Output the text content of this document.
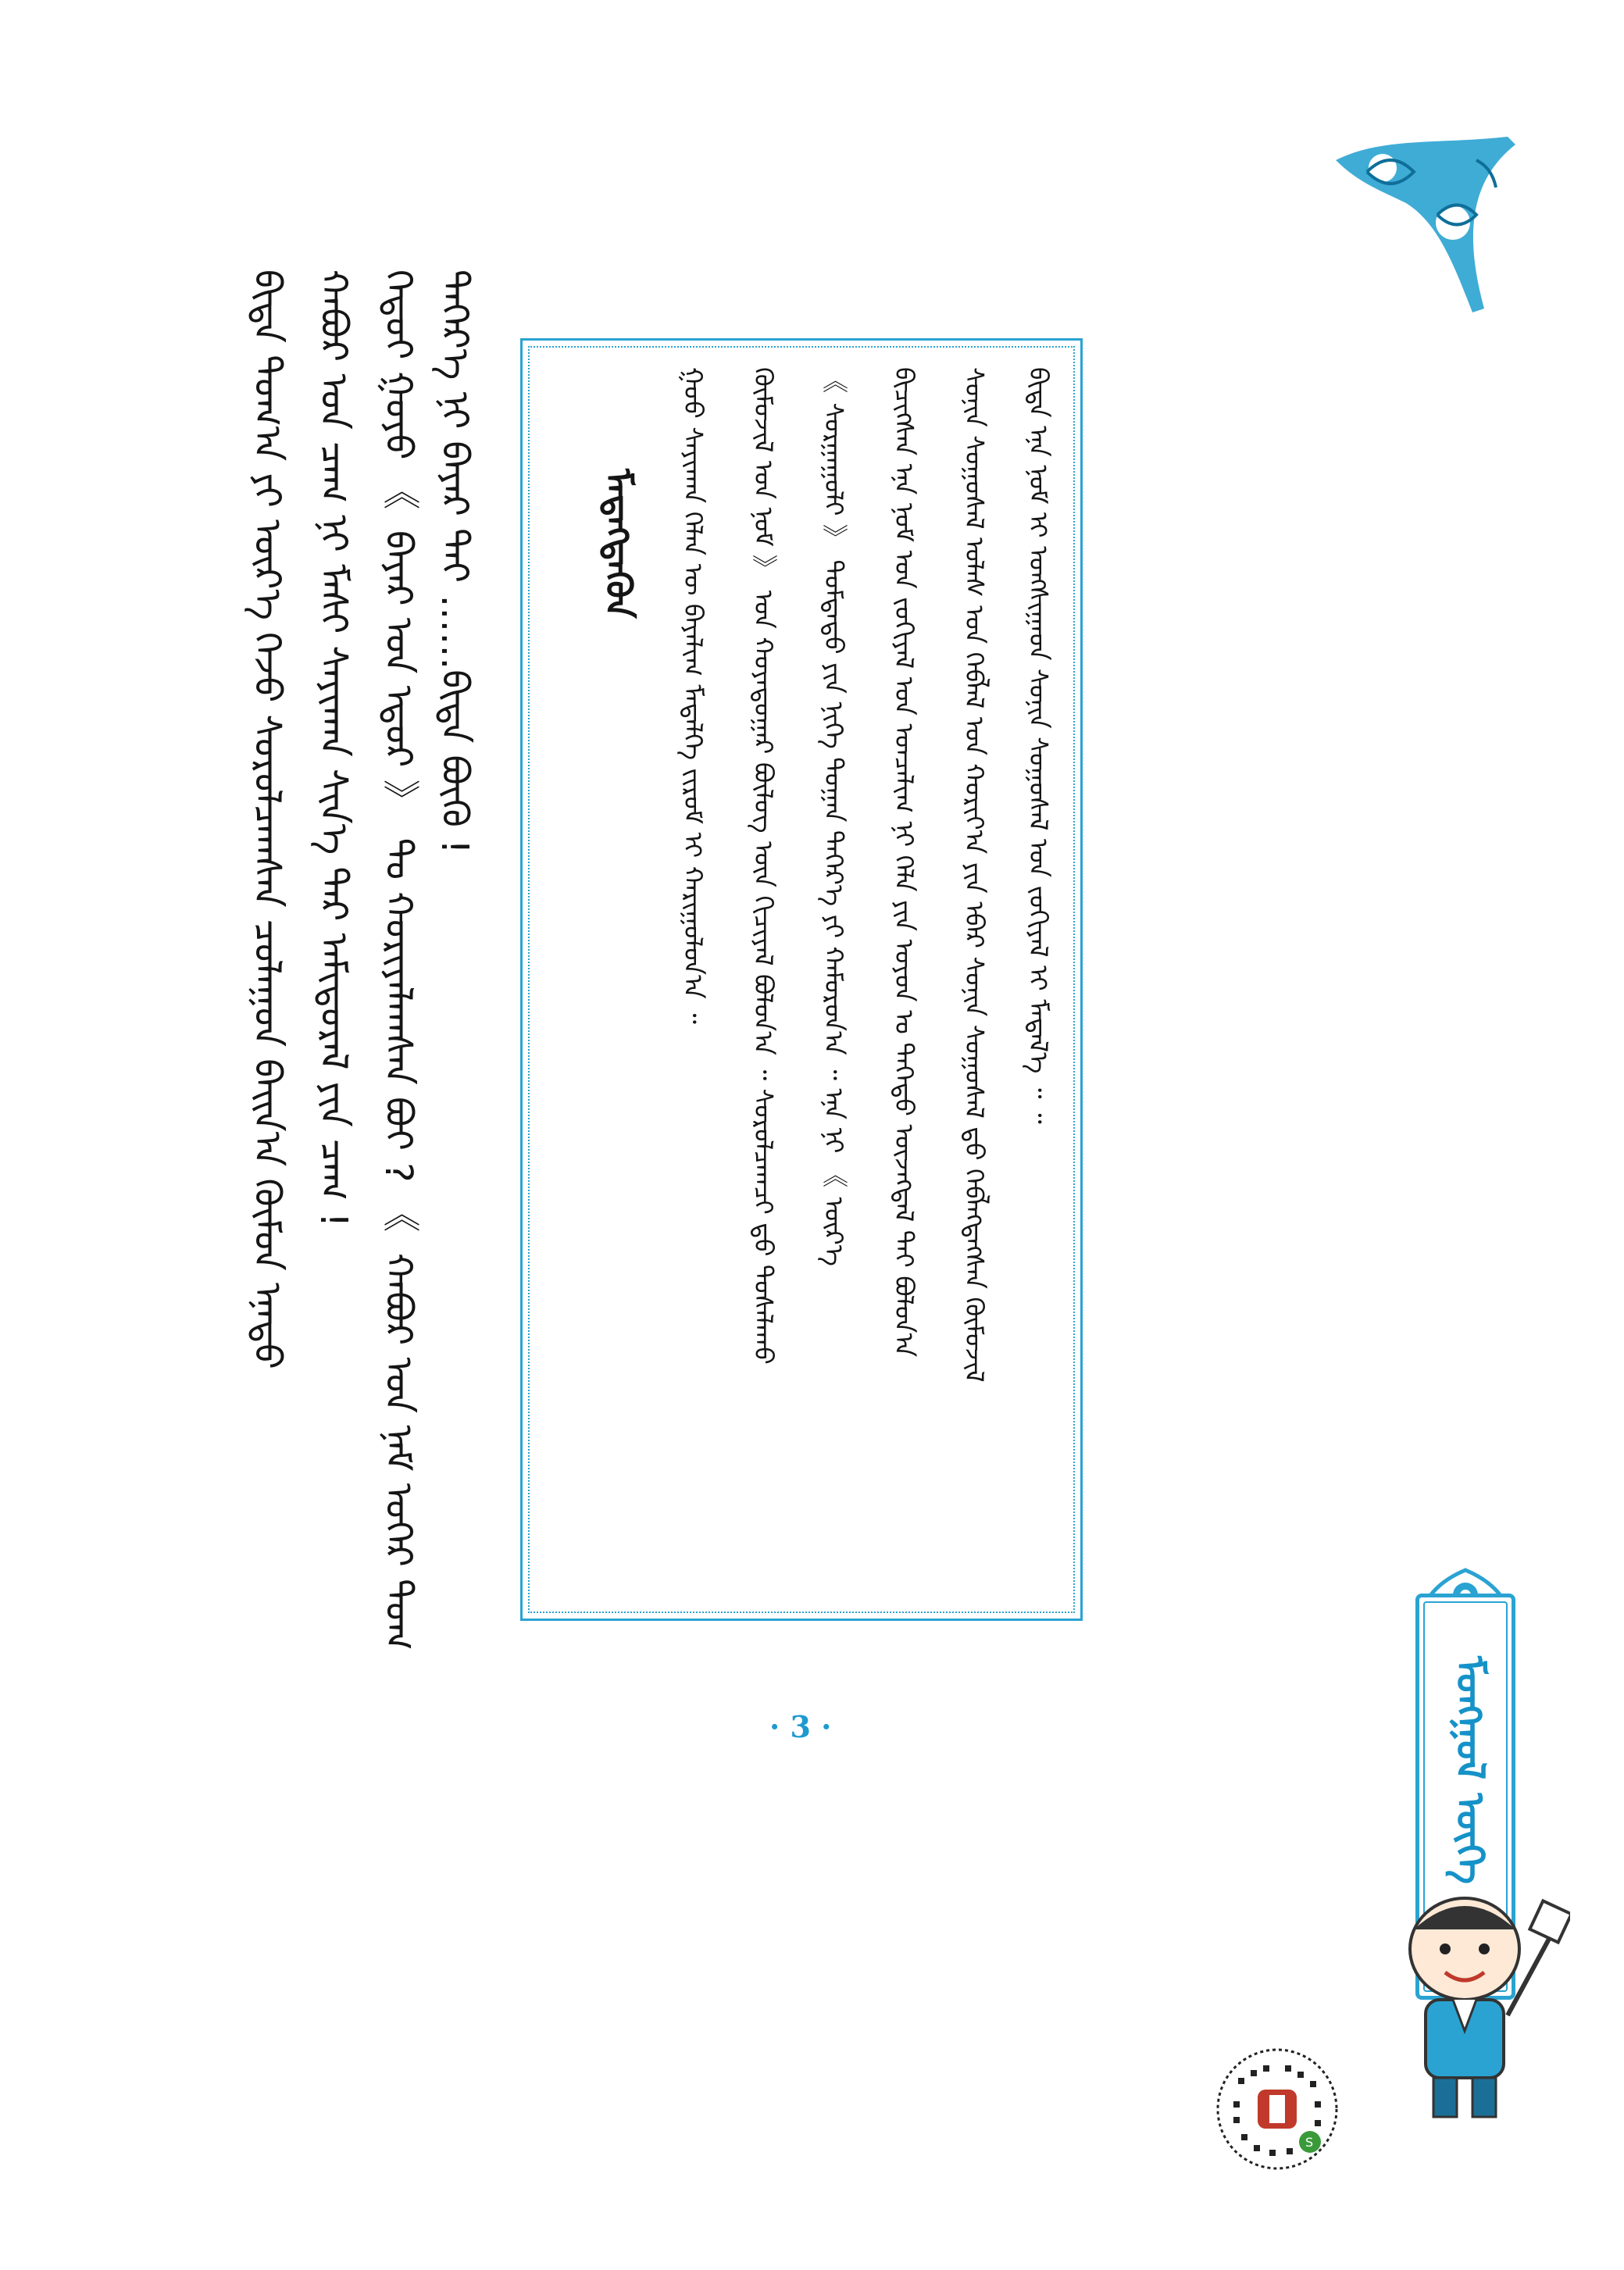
ᠮᠡᠳᠡᠭᠳᠡᠬᠦᠨ	ᠰᠣᠨᠢᠨ ᠰᠣᠭᠤᠰᠠᠯ ᠤᠯᠠᠰ ᠤᠨ ᠬᠡᠪᠯᠡᠯ ᠤᠨ ᠬᠤᠷᠢᠶ᠎ᠠ ᠶᠢᠨ ᠡᠪᠡᠷ ᠰᠣᠨᠢᠨ ᠰᠣᠭᠤᠰᠠᠯ ᠳ᠋ᠤ ᠬᠡᠪᠯᠡᠭᠳᠡᠭᠰᠡᠨ ᠬᠦᠮᠦᠵᠢᠯ
ᠪᠢᠴᠢᠭᠰᠡᠨ ᠡᠨᠡ ᠨᠣᠮ ᠤᠨ ᠵᠣᠬᠢᠶᠠᠯ ᠤᠨ ᠣᠨᠴᠠᠯᠢᠭ ᠨᠢ ᠬᠡᠯᠡ ᠶᠢᠨ ᠣᠶᠤᠨ ᠤ ᠳᠡᠭᠡᠳᠦ ᠦᠵᠡᠭᠳᠡᠯ ᠲᠠᠢ ᠪᠣᠯᠤᠨ᠎ᠠ
《 ᠰᠤᠷᠭᠠᠭᠤᠯᠢ 》 ᠳᠤᠮᠳᠠᠳᠤ ᠶᠢᠨ ᠨᠢᠭᠡ ᠲᠣᠭᠠᠨ ᠳᠡᠭᠡᠷ᠎ᠡ ᠶᠢ ᠬᠠᠮᠤᠷᠤᠨ᠎ᠠ ᠃ ᠡᠨᠡ ᠨᠢ 《 ᠦᠷ᠎ᠡ
ᠬᠦᠮᠦᠵᠢᠯ ᠤᠨ ᠨᠣᠮ 》 ᠤᠨ ᠬᠣᠶᠠᠳᠤᠭᠠᠷ ᠪᠦᠯᠦᠭ ᠦᠨ ᠬᠢᠴᠢᠶᠡᠯ ᠪᠣᠯᠤᠨ᠎ᠠ ᠃ ᠰᠤᠷᠤᠯᠴᠠᠭᠴᠢ ᠳ᠋ᠤ ᠲᠤᠰᠠᠯᠠᠬᠤ
ᠭᠣᠣ ᠰᠠᠶᠢᠬᠠᠨ ᠬᠡᠯᠡᠨ ᠦ ᠪᠠᠶᠠᠯᠢᠭ ᠮᠡᠳᠡᠯᠭᠡ ᠵᠢᠷᠤᠮ ᠢ ᠬᠠᠷᠢᠭᠤᠯᠤᠨ᠎ᠠ ᠃	ᠪᠢᠳᠡ ᠡᠨᠡ ᠨᠣᠮ ᠢ ᠤᠩᠰᠢᠭᠠᠳ ᠰᠣᠨᠢᠨ ᠰᠣᠭᠤᠰᠠᠯ ᠤᠨ ᠵᠣᠬᠢᠶᠠᠯ ᠢ ᠮᠡᠳᠡᠯ᠎ᠡ ᠃ ᠃
ᠬᠡᠳᠦᠢ ᠭᠣᠶᠣ 《 ᠪᠠᠶᠠᠷ ᠤᠨ ᠡᠳᠦᠷ 》 ᠲᠤ ᠬᠣᠷᠢᠶᠠᠯᠠᠭᠰᠠᠨ ᠪᠤᠢ ? 《 ᠬᠠᠪᠤᠷ ᠤᠨ ᠨᠠᠮ ᠤᠬᠡᠷ ᠳᠣᠭ ᠳᠡᠭᠡᠷ᠎ᠡ ᠨᠢ ᠪᠠᠶᠠᠷ ᠲᠠᠢ ……ᠪᠢᠳᠡ ᠪᠦᠬᠦ !
ᠬᠠᠪᠤᠷ ᠤᠨ ᠴᠠᠭ ᠨᠢ ᠮᠠᠰᠢ ᠰᠠᠶᠢᠬᠠᠨ ᠰᠢᠨ᠎ᠡ ᠳᠡᠷ ᠠᠮᠢᠳᠤᠷᠠᠯ ᠶᠢᠨ ᠴᠠᠭ !
ᠪᠢᠳᠡ ᠳᠣᠭ᠎ᠠ ᠶᠢ ᠦᠷ᠎ᠡ ᠭᠡᠵᠦ ᠰᠤᠷᠤᠯᠴᠠᠭᠰᠠᠨ ᠴᠤᠯᠠᠭᠤᠨ ᠪᠠᠢᠨ᠎ᠠ ᠬᠦᠮᠦᠨ ᠡᠨᠡᠳᠦ
· 3 ·	ᠮᠣᠩᠭᠣᠯ ᠦᠭᠡ
S
